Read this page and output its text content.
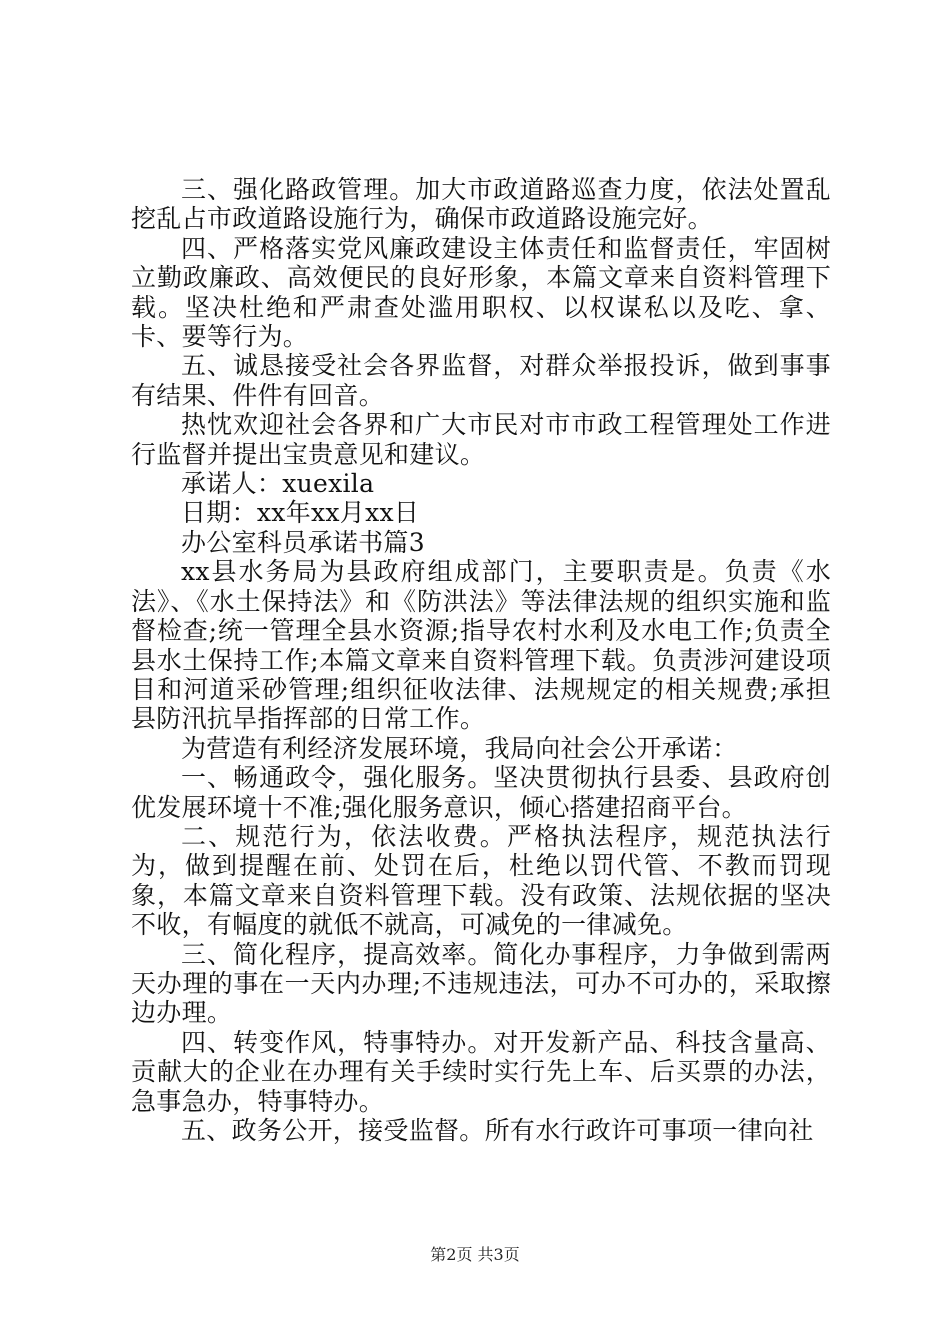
三、强化路政管理。加大市政道路巡查力度，依法处置乱挖乱占市政道路设施行为，确保市政道路设施完好。

四、严格落实党风廉政建设主体责任和监督责任，牢固树立勤政廉政、高效便民的良好形象，本篇文章来自资料管理下载。坚决杜绝和严肃查处滥用职权、以权谋私以及吃、拿、卡、要等行为。

五、诚恳接受社会各界监督，对群众举报投诉，做到事事有结果、件件有回音。

热忱欢迎社会各界和广大市民对市市政工程管理处工作进行监督并提出宝贵意见和建议。

承诺人：xuexila

日期：xx年xx月xx日

办公室科员承诺书篇3

xx县水务局为县政府组成部门，主要职责是。负责《水法》、《水土保持法》和《防洪法》等法律法规的组织实施和监督检查;统一管理全县水资源;指导农村水利及水电工作;负责全县水土保持工作;本篇文章来自资料管理下载。负责涉河建设项目和河道采砂管理;组织征收法律、法规规定的相关规费;承担县防汛抗旱指挥部的日常工作。

为营造有利经济发展环境，我局向社会公开承诺：

一、畅通政令，强化服务。坚决贯彻执行县委、县政府创优发展环境十不准;强化服务意识，倾心搭建招商平台。

二、规范行为，依法收费。严格执法程序，规范执法行为，做到提醒在前、处罚在后，杜绝以罚代管、不教而罚现象，本篇文章来自资料管理下载。没有政策、法规依据的坚决不收，有幅度的就低不就高，可减免的一律减免。

三、简化程序，提高效率。简化办事程序，力争做到需两天办理的事在一天内办理;不违规违法，可办不可办的，采取擦边办理。

四、转变作风，特事特办。对开发新产品、科技含量高、贡献大的企业在办理有关手续时实行先上车、后买票的办法，急事急办，特事特办。

五、政务公开，接受监督。所有水行政许可事项一律向社

第2页 共3页
